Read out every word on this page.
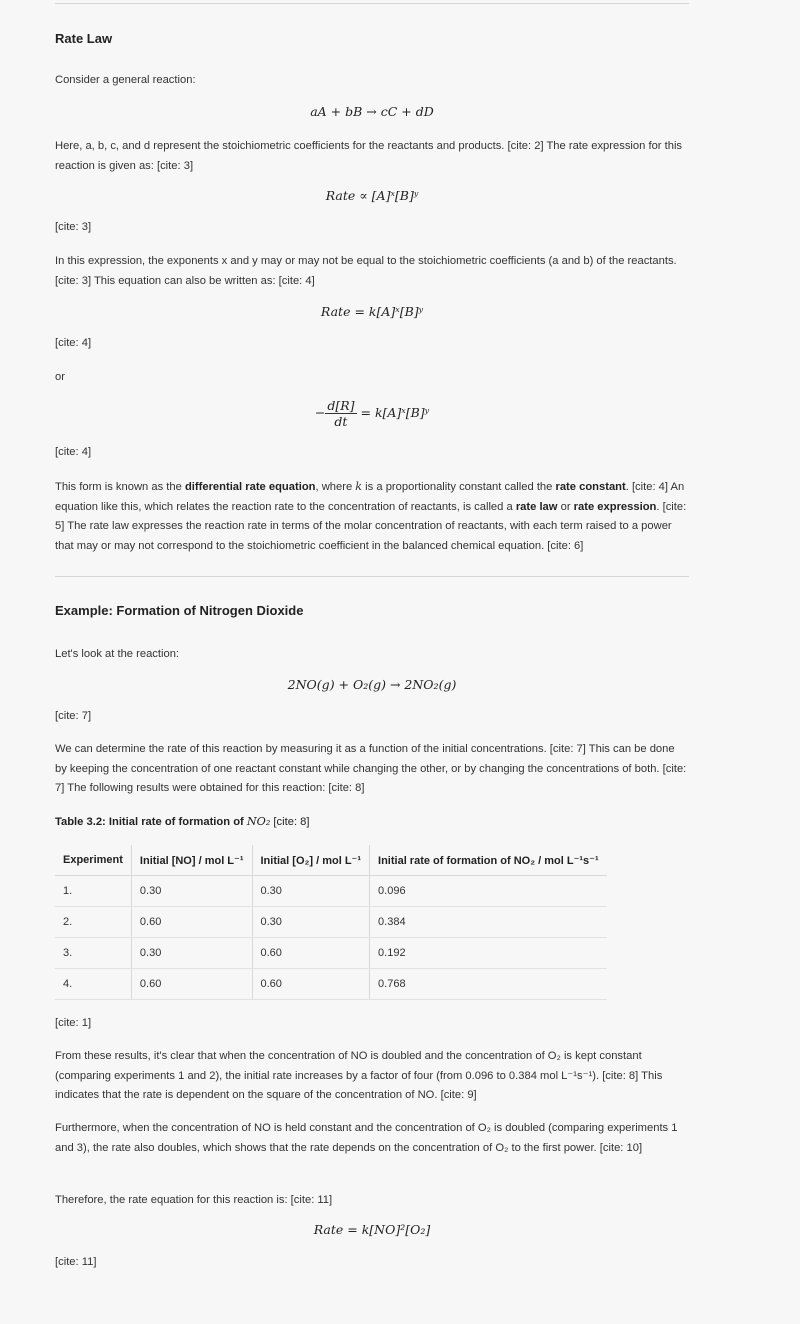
Rate Law

Consider a general reaction:

aA + bB → cC + dD

Here, a, b, c, and d represent the stoichiometric coefficients for the reactants and products. [cite: 2] The rate expression for this reaction is given as: [cite: 3]

Rate ∝ [A]ˣ[B]ʸ

[cite: 3]

In this expression, the exponents x and y may or may not be equal to the stoichiometric coefficients (a and b) of the reactants. [cite: 3] This equation can also be written as: [cite: 4]

Rate = k[A]ˣ[B]ʸ

[cite: 4]

or

− $\frac{d[R]}{dt}$ = k[A]ˣ[B]ʸ

[cite: 4]

This form is known as the differential rate equation, where k is a proportionality constant called the rate constant. [cite: 4] An equation like this, which relates the reaction rate to the concentration of reactants, is called a rate law or rate expression. [cite: 5] The rate law expresses the reaction rate in terms of the molar concentration of reactants, with each term raised to a power that may or may not correspond to the stoichiometric coefficient in the balanced chemical equation. [cite: 6]

Example: Formation of Nitrogen Dioxide

Let's look at the reaction:

2NO(g) + O₂(g) → 2NO₂(g)

[cite: 7]

We can determine the rate of this reaction by measuring it as a function of the initial concentrations. [cite: 7] This can be done by keeping the concentration of one reactant constant while changing the other, or by changing the concentrations of both. [cite: 7] The following results were obtained for this reaction: [cite: 8]

Table 3.2: Initial rate of formation of NO₂ [cite: 8]

Experiment	Initial [NO] / mol L⁻¹	Initial [O₂] / mol L⁻¹	Initial rate of formation of NO₂ / mol L⁻¹s⁻¹
1.	0.30	0.30	0.096
2.	0.60	0.30	0.384
3.	0.30	0.60	0.192
4.	0.60	0.60	0.768

[cite: 1]

From these results, it's clear that when the concentration of NO is doubled and the concentration of O₂ is kept constant (comparing experiments 1 and 2), the initial rate increases by a factor of four (from 0.096 to 0.384 mol L⁻¹s⁻¹). [cite: 8] This indicates that the rate is dependent on the square of the concentration of NO. [cite: 9]

Furthermore, when the concentration of NO is held constant and the concentration of O₂ is doubled (comparing experiments 1 and 3), the rate also doubles, which shows that the rate depends on the concentration of O₂ to the first power. [cite: 10]

Therefore, the rate equation for this reaction is: [cite: 11]

Rate = k[NO]²[O₂]

[cite: 11]
